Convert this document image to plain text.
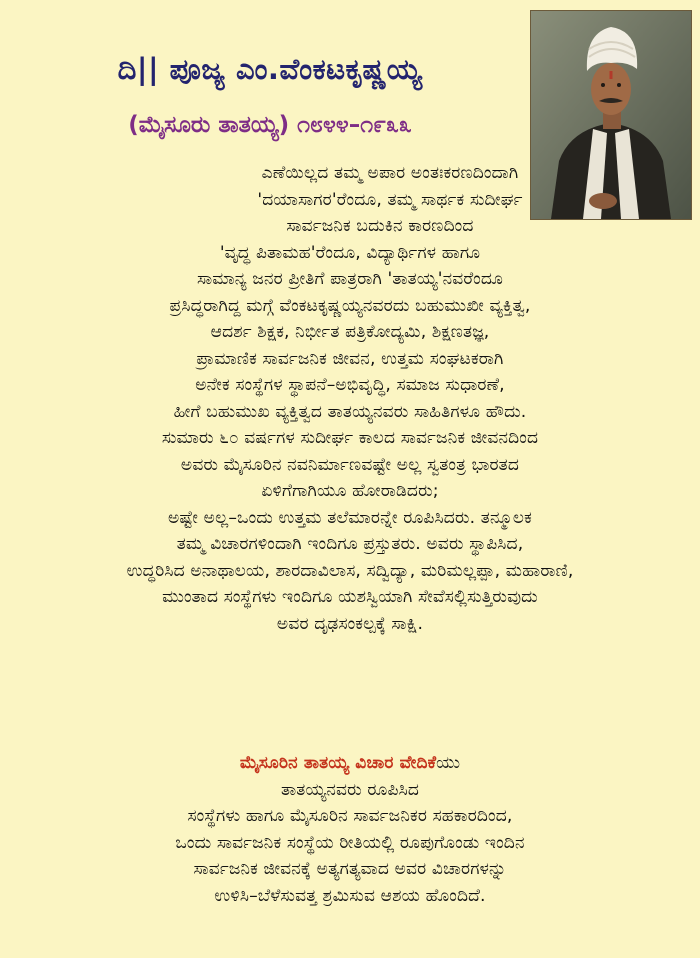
ದಿ|| ಪೂಜ್ಯ ಎಂ.ವೆಂಕಟಕೃಷ್ಣಯ್ಯ
(ಮೈಸೂರು ತಾತಯ್ಯ) ೧೮೪೪–೧೯೩೩
ಎಣೆಯಿಲ್ಲದ ತಮ್ಮ ಅಪಾರ ಅಂತಃಕರಣದಿಂದಾಗಿ
'ದಯಾಸಾಗರ'ರೆಂದೂ, ತಮ್ಮ ಸಾರ್ಥಕ ಸುದೀರ್ಘ
ಸಾರ್ವಜನಿಕ ಬದುಕಿನ ಕಾರಣದಿಂದ
'ವೃದ್ಧ ಪಿತಾಮಹ'ರೆಂದೂ, ವಿದ್ಯಾರ್ಥಿಗಳ ಹಾಗೂ
ಸಾಮಾನ್ಯ ಜನರ ಪ್ರೀತಿಗೆ ಪಾತ್ರರಾಗಿ 'ತಾತಯ್ಯ'ನವರೆಂದೂ
ಪ್ರಸಿದ್ಧರಾಗಿದ್ದ ಮಗ್ಗೆ ವೆಂಕಟಕೃಷ್ಣಯ್ಯನವರದು ಬಹುಮುಖೀ ವ್ಯಕ್ತಿತ್ವ,
ಆದರ್ಶ ಶಿಕ್ಷಕ, ನಿರ್ಭೀತ ಪತ್ರಿಕೋದ್ಯಮಿ, ಶಿಕ್ಷಣತಜ್ಞ,
ಪ್ರಾಮಾಣಿಕ ಸಾರ್ವಜನಿಕ ಜೀವನ, ಉತ್ತಮ ಸಂಘಟಕರಾಗಿ
ಅನೇಕ ಸಂಸ್ಥೆಗಳ ಸ್ಥಾಪನೆ–ಅಭಿವೃದ್ಧಿ, ಸಮಾಜ ಸುಧಾರಣೆ,
ಹೀಗೆ ಬಹುಮುಖ ವ್ಯಕ್ತಿತ್ವದ ತಾತಯ್ಯನವರು ಸಾಹಿತಿಗಳೂ ಹೌದು.
ಸುಮಾರು ೬೦ ವರ್ಷಗಳ ಸುದೀರ್ಘ ಕಾಲದ ಸಾರ್ವಜನಿಕ ಜೀವನದಿಂದ
ಅವರು ಮೈಸೂರಿನ ನವನಿರ್ಮಾಣವಷ್ಟೇ ಅಲ್ಲ ಸ್ವತಂತ್ರ ಭಾರತದ
ಏಳಿಗೆಗಾಗಿಯೂ ಹೋರಾಡಿದರು;
ಅಷ್ಟೇ ಅಲ್ಲ–ಒಂದು ಉತ್ತಮ ತಲೆಮಾರನ್ನೇ ರೂಪಿಸಿದರು. ತನ್ಮೂಲಕ
ತಮ್ಮ ವಿಚಾರಗಳಿಂದಾಗಿ ಇಂದಿಗೂ ಪ್ರಸ್ತುತರು. ಅವರು ಸ್ಥಾಪಿಸಿದ,
ಉದ್ಧರಿಸಿದ ಅನಾಥಾಲಯ, ಶಾರದಾವಿಲಾಸ, ಸದ್ವಿದ್ಯಾ, ಮರಿಮಲ್ಲಪ್ಪಾ, ಮಹಾರಾಣಿ,
ಮುಂತಾದ ಸಂಸ್ಥೆಗಳು ಇಂದಿಗೂ ಯಶಸ್ವಿಯಾಗಿ ಸೇವೆಸಲ್ಲಿಸುತ್ತಿರುವುದು
ಅವರ ದೃಢಸಂಕಲ್ಪಕ್ಕೆ ಸಾಕ್ಷಿ.
ಮೈಸೂರಿನ ತಾತಯ್ಯ ವಿಚಾರ ವೇದಿಕೆಯು
ತಾತಯ್ಯನವರು ರೂಪಿಸಿದ
ಸಂಸ್ಥೆಗಳು ಹಾಗೂ ಮೈಸೂರಿನ ಸಾರ್ವಜನಿಕರ ಸಹಕಾರದಿಂದ,
ಒಂದು ಸಾರ್ವಜನಿಕ ಸಂಸ್ಥೆಯ ರೀತಿಯಲ್ಲಿ ರೂಪುಗೊಂಡು ಇಂದಿನ
ಸಾರ್ವಜನಿಕ ಜೀವನಕ್ಕೆ ಅತ್ಯಗತ್ಯವಾದ ಅವರ ವಿಚಾರಗಳನ್ನು
ಉಳಿಸಿ–ಬೆಳೆಸುವತ್ತ ಶ್ರಮಿಸುವ ಆಶಯ ಹೊಂದಿದೆ.
